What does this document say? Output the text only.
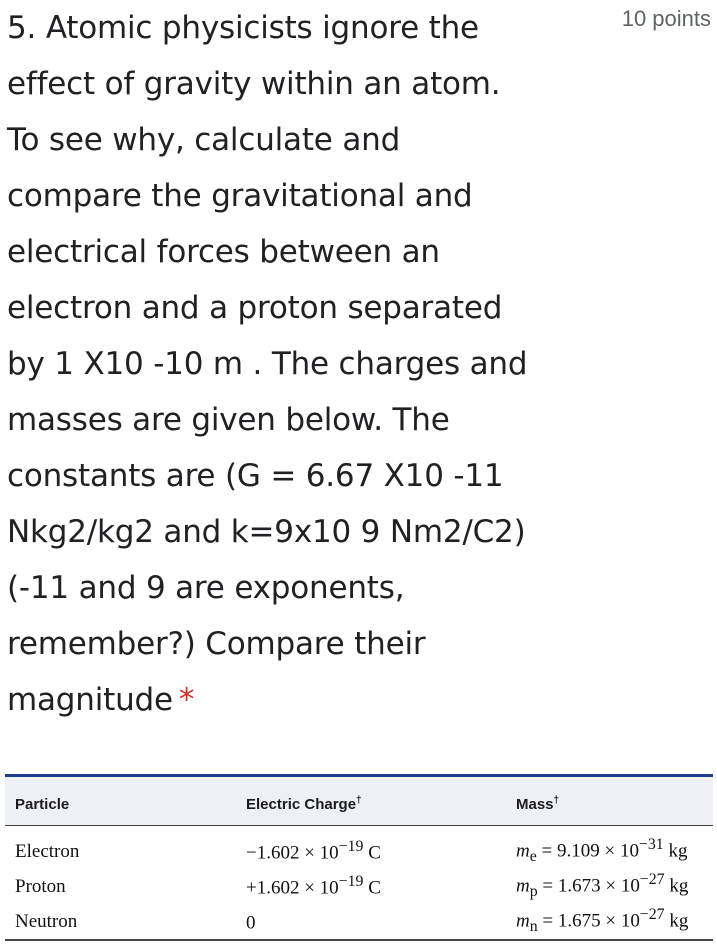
5. Atomic physicists ignore the
effect of gravity within an atom.
To see why, calculate and
compare the gravitational and
electrical forces between an
electron and a proton separated
by 1 X10 -10 m . The charges and
masses are given below. The
constants are (G = 6.67 X10 -11
Nkg2/kg2 and k=9x10 9 Nm2/C2)
(-11 and 9 are exponents,
remember?) Compare their
magnitude *

10 points
Particle	Electric Charge†	Mass†
Electron	$-1.602 \times 10^{-19}$ C	$m_e = 9.109 \times 10^{-31}$ kg
Proton	$+1.602 \times 10^{-19}$ C	$m_p = 1.673 \times 10^{-27}$ kg
Neutron	0	$m_n = 1.675 \times 10^{-27}$ kg
